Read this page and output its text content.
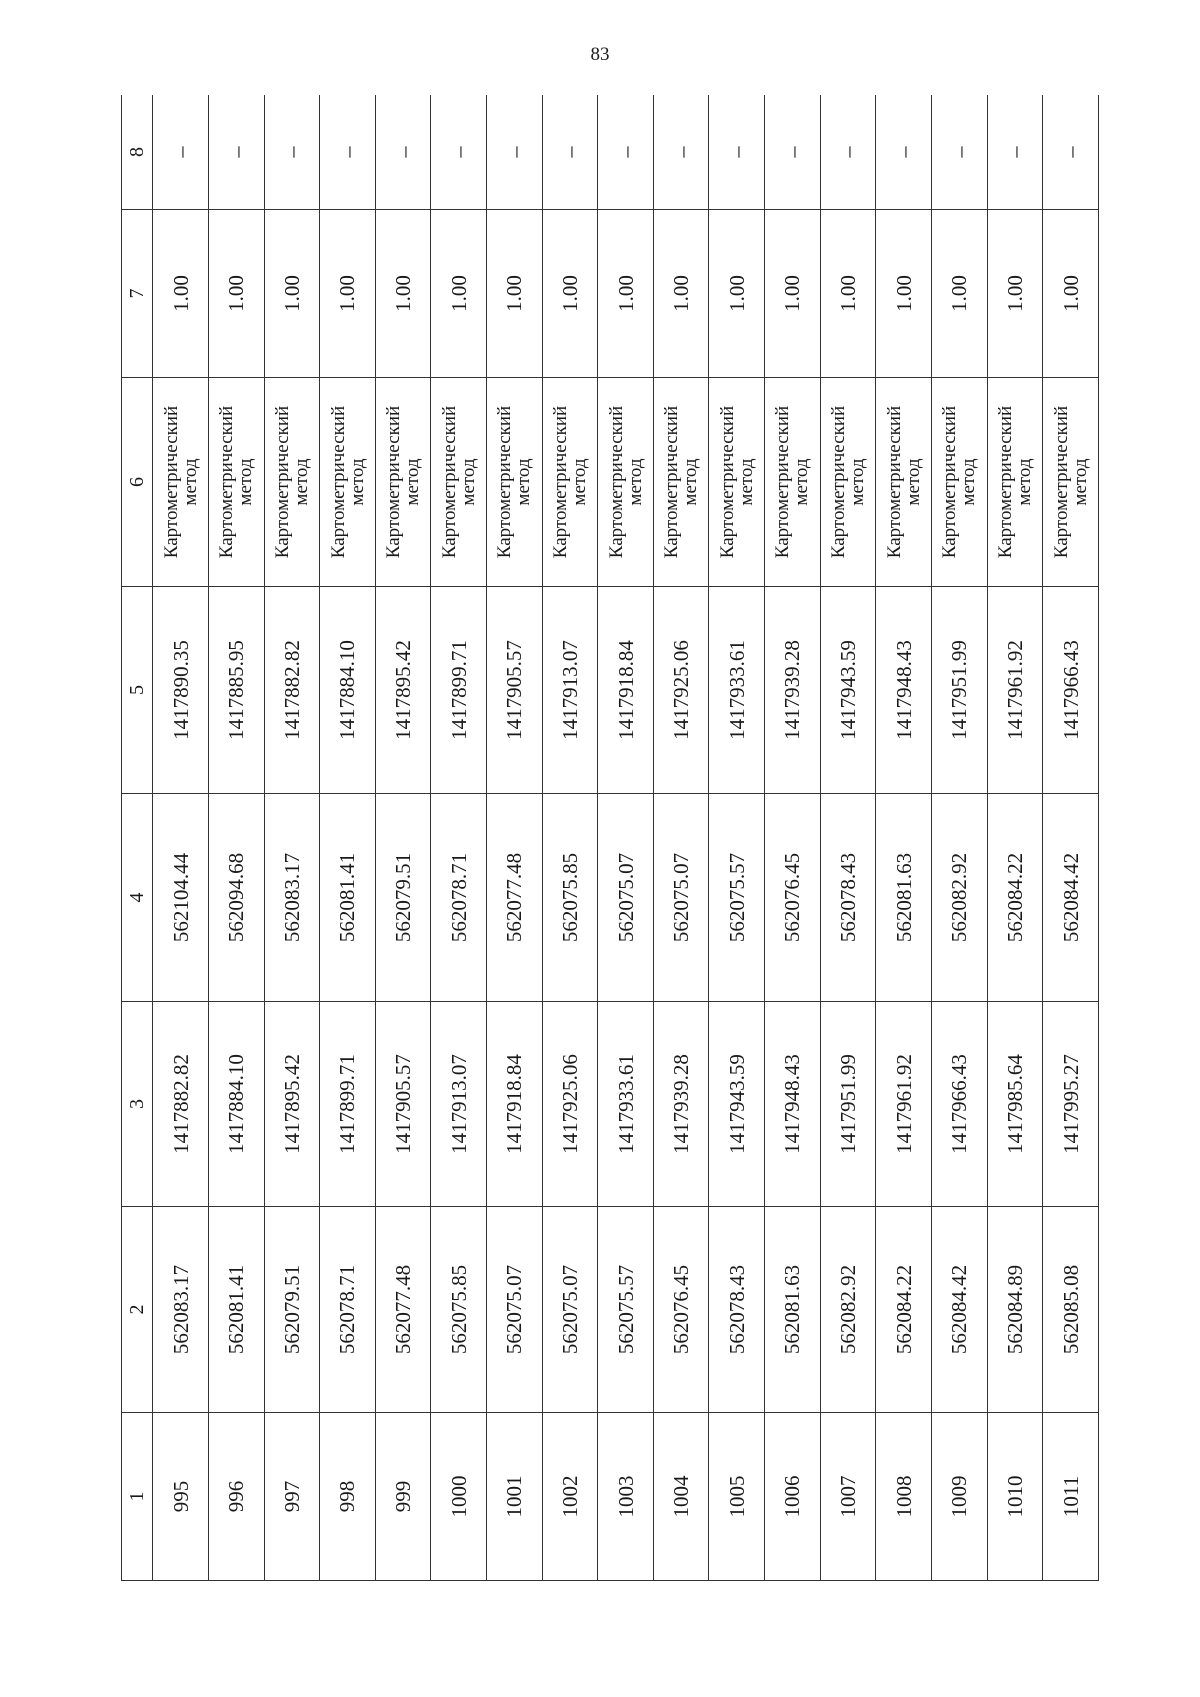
83
1	2	3	4	5	6	7	8
995	562083.17	1417882.82	562104.44	1417890.35	Картометрический метод	1.00	–
996	562081.41	1417884.10	562094.68	1417885.95	Картометрический метод	1.00	–
997	562079.51	1417895.42	562083.17	1417882.82	Картометрический метод	1.00	–
998	562078.71	1417899.71	562081.41	1417884.10	Картометрический метод	1.00	–
999	562077.48	1417905.57	562079.51	1417895.42	Картометрический метод	1.00	–
1000	562075.85	1417913.07	562078.71	1417899.71	Картометрический метод	1.00	–
1001	562075.07	1417918.84	562077.48	1417905.57	Картометрический метод	1.00	–
1002	562075.07	1417925.06	562075.85	1417913.07	Картометрический метод	1.00	–
1003	562075.57	1417933.61	562075.07	1417918.84	Картометрический метод	1.00	–
1004	562076.45	1417939.28	562075.07	1417925.06	Картометрический метод	1.00	–
1005	562078.43	1417943.59	562075.57	1417933.61	Картометрический метод	1.00	–
1006	562081.63	1417948.43	562076.45	1417939.28	Картометрический метод	1.00	–
1007	562082.92	1417951.99	562078.43	1417943.59	Картометрический метод	1.00	–
1008	562084.22	1417961.92	562081.63	1417948.43	Картометрический метод	1.00	–
1009	562084.42	1417966.43	562082.92	1417951.99	Картометрический метод	1.00	–
1010	562084.89	1417985.64	562084.22	1417961.92	Картометрический метод	1.00	–
1011	562085.08	1417995.27	562084.42	1417966.43	Картометрический метод	1.00	–
